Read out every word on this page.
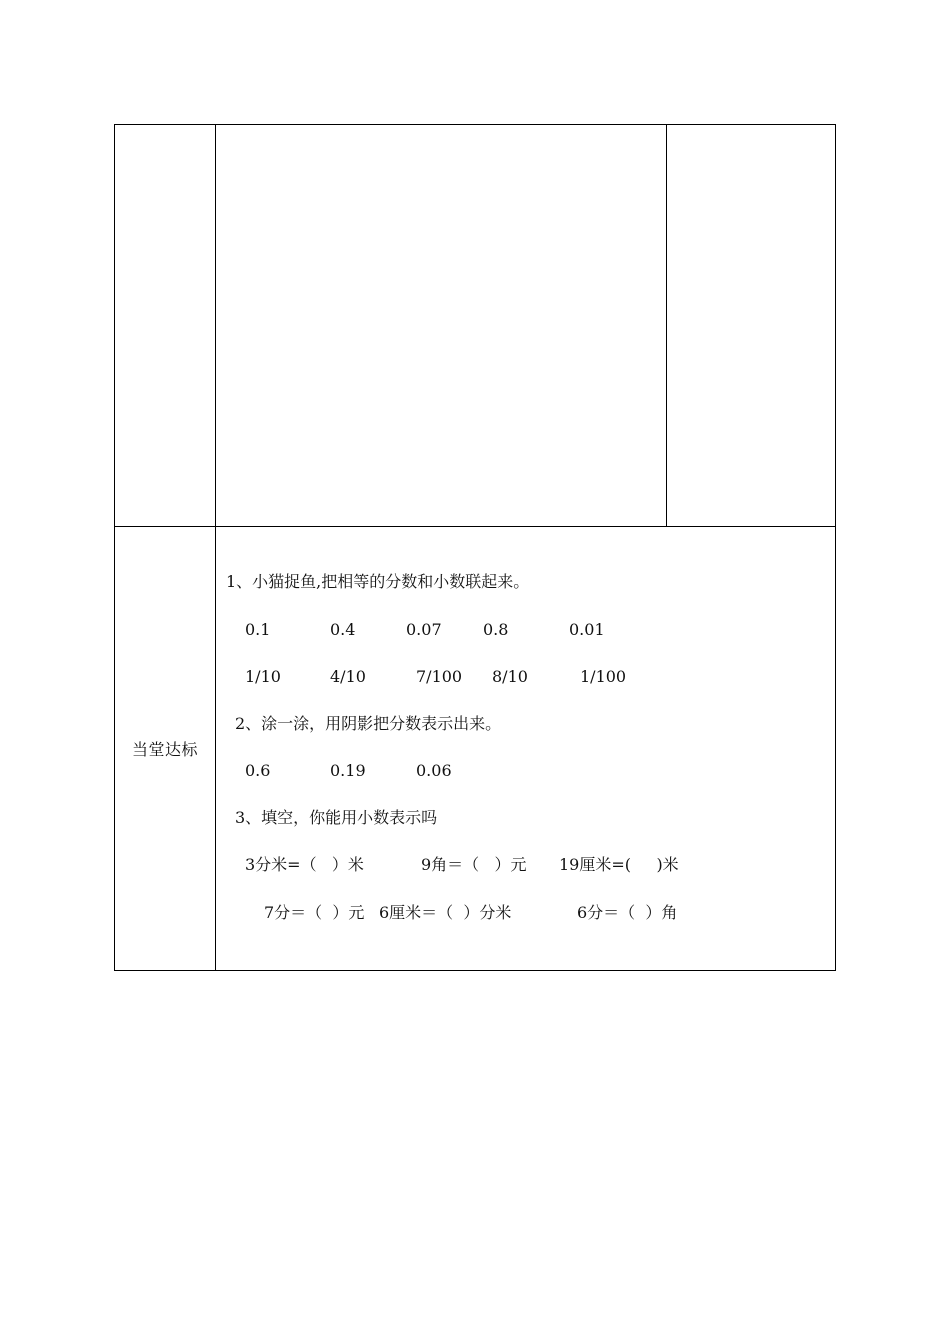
当堂达标
1、小猫捉鱼,把相等的分数和小数联起来。
0.1	0.4	0.07	0.8	0.01
1/10	4/10	7/100 8/10	1/100
2、涂一涂，用阴影把分数表示出来。
0.6	0.19	0.06
3、填空，你能用小数表示吗
3分米=（   ）米	9角＝（   ）元 19厘米=(     )米
7分＝（  ）元 6厘米＝（  ）分米	6分＝（  ）角
